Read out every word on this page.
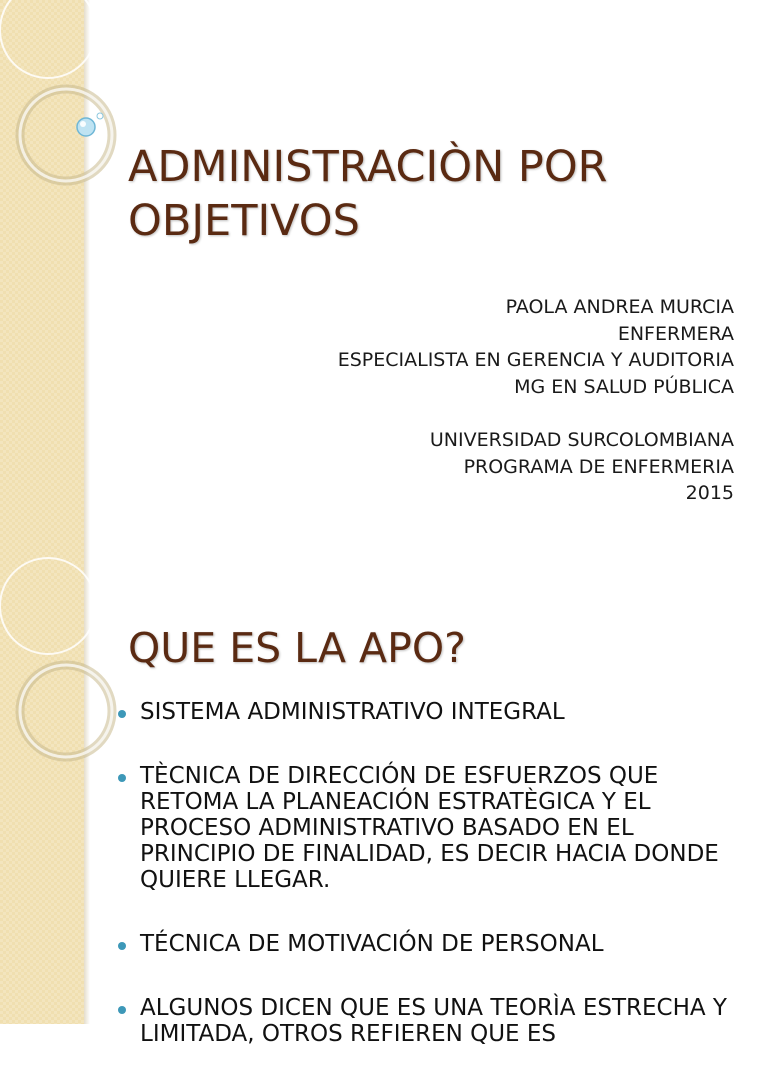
ADMINISTRACIÒN POR OBJETIVOS
PAOLA ANDREA MURCIA
ENFERMERA
ESPECIALISTA EN GERENCIA Y AUDITORIA
MG EN SALUD PÚBLICA
UNIVERSIDAD SURCOLOMBIANA
PROGRAMA DE ENFERMERIA
2015
QUE ES LA APO?
SISTEMA ADMINISTRATIVO INTEGRAL
TÈCNICA DE DIRECCIÓN DE ESFUERZOS QUE RETOMA LA PLANEACIÓN ESTRATÈGICA Y EL PROCESO ADMINISTRATIVO BASADO EN EL PRINCIPIO DE FINALIDAD, ES DECIR HACIA DONDE QUIERE LLEGAR.
TÉCNICA DE MOTIVACIÓN DE PERSONAL
ALGUNOS DICEN QUE ES UNA TEORÌA ESTRECHA Y LIMITADA, OTROS REFIEREN QUE ES
